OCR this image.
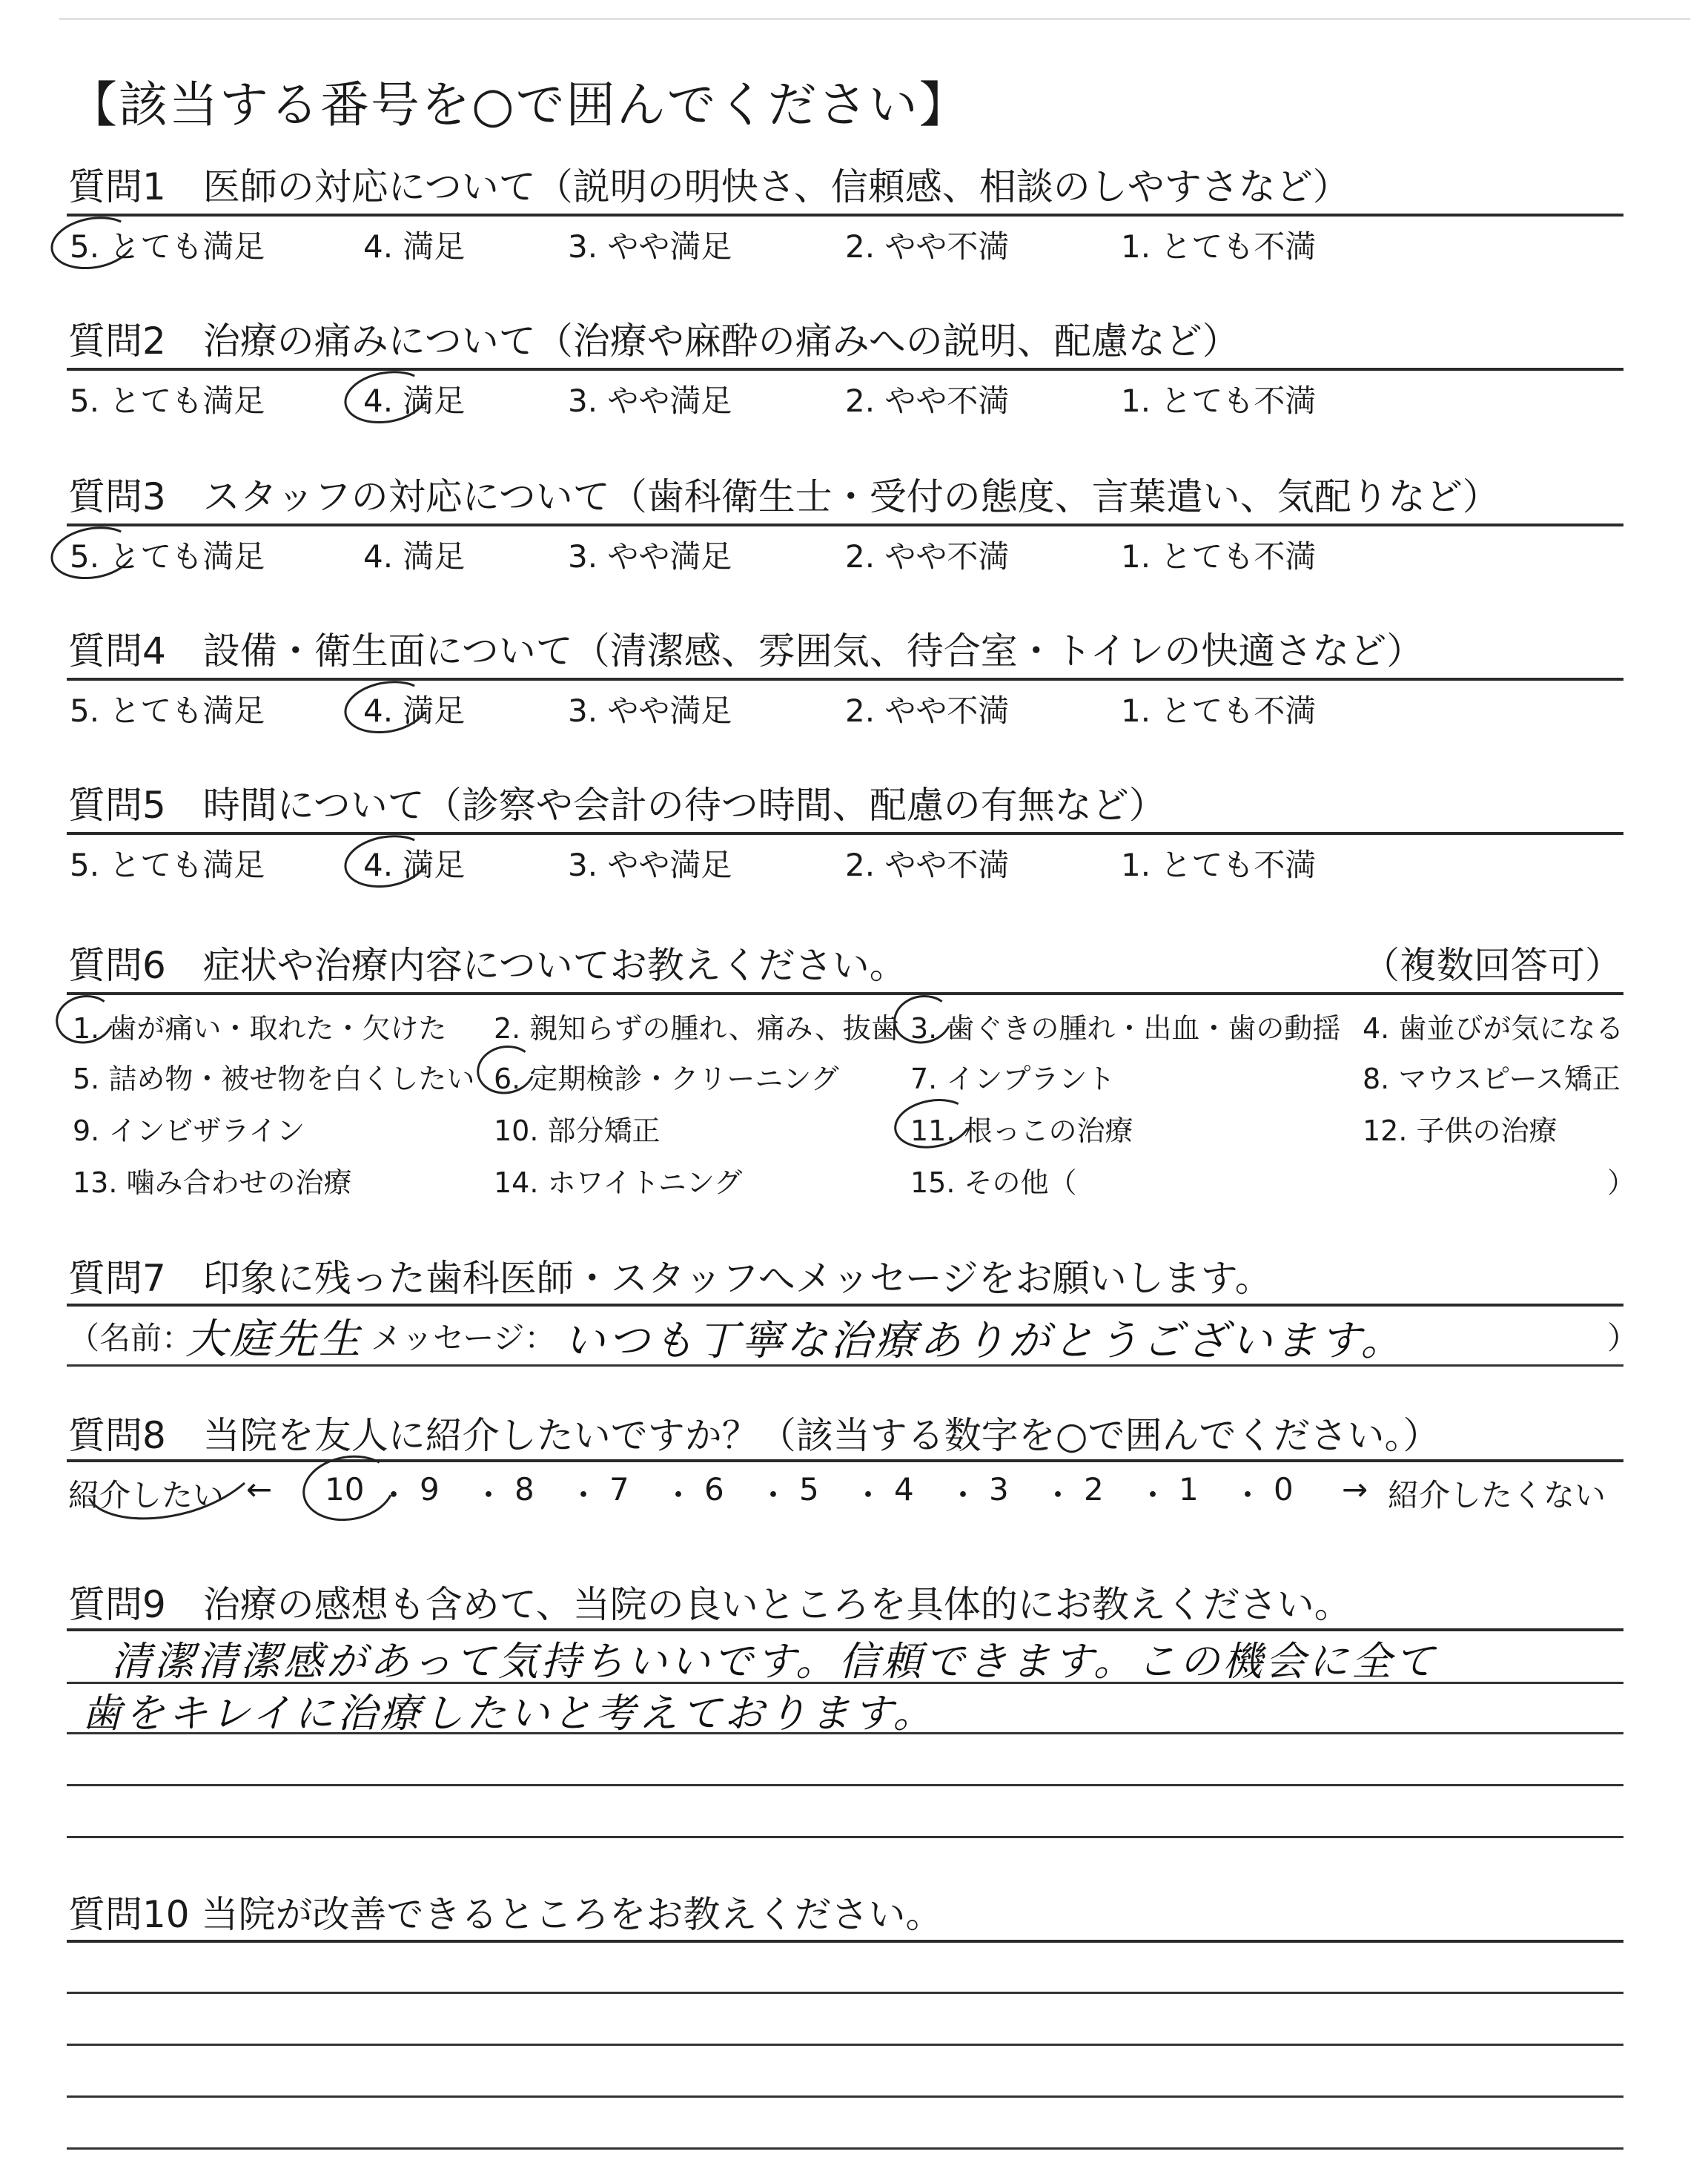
【該当する番号を○で囲んでください】
質問6　症状や治療内容についてお教えください。	（複数回答可）
質問7　印象に残った歯科医師・スタッフへメッセージをお願いします。
（名前：
大庭先生 メッセージ： いつも丁寧な治療ありがとうございます。	）
質問8　当院を友人に紹介したいですか？（該当する数字を○で囲んでください。）
紹介したい ←	→ 紹介したくない
質問9　治療の感想も含めて、当院の良いところを具体的にお教えください。
清潔清潔感があって気持ちいいです。信頼できます。この機会に全て
歯をキレイに治療したいと考えております。
質問10 当院が改善できるところをお教えください。
質問1　医師の対応について（説明の明快さ、信頼感、相談のしやすさなど）
5. とても満足	4. 満足	3. やや満足	2. やや不満	1. とても不満
質問2　治療の痛みについて（治療や麻酔の痛みへの説明、配慮など）
5. とても満足	4. 満足	3. やや満足	2. やや不満	1. とても不満
質問3　スタッフの対応について（歯科衛生士・受付の態度、言葉遣い、気配りなど）
5. とても満足	4. 満足	3. やや満足	2. やや不満	1. とても不満
質問4　設備・衛生面について（清潔感、雰囲気、待合室・トイレの快適さなど）
5. とても満足	4. 満足	3. やや満足	2. やや不満	1. とても不満
質問5　時間について（診察や会計の待つ時間、配慮の有無など）
5. とても満足	4. 満足	3. やや満足	2. やや不満	1. とても不満
1. 歯が痛い・取れた・欠けた 2. 親知らずの腫れ、痛み、抜歯 3. 歯ぐきの腫れ・出血・歯の動揺 4. 歯並びが気になる
5. 詰め物・被せ物を白くしたい 6. 定期検診・クリーニング	7. インプラント	8. マウスピース矯正
9. インビザライン	10. 部分矯正	11. 根っこの治療	12. 子供の治療
13. 噛み合わせの治療	14. ホワイトニング	15. その他（	）
10 ・ 9 ・ 8 ・ 7 ・ 6 ・ 5 ・ 4 ・ 3 ・ 2 ・ 1 ・ 0
